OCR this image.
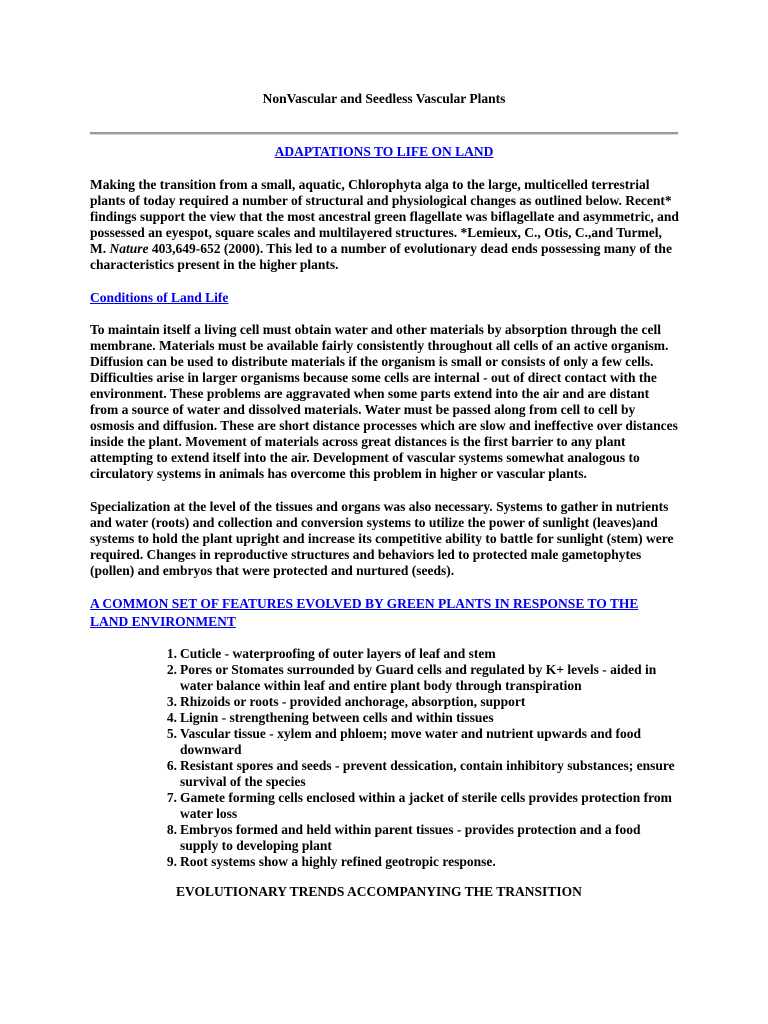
NonVascular and Seedless Vascular Plants
ADAPTATIONS TO LIFE ON LAND

Making the transition from a small, aquatic, Chlorophyta alga to the large, multicelled terrestrial plants of today required a number of structural and physiological changes as outlined below. Recent* findings support the view that the most ancestral green flagellate was biflagellate and asymmetric, and possessed an eyespot, square scales and multilayered structures. *Lemieux, C., Otis, C.,and Turmel, M. Nature 403,649-652 (2000). This led to a number of evolutionary dead ends possessing many of the characteristics present in the higher plants.

Conditions of Land Life

To maintain itself a living cell must obtain water and other materials by absorption through the cell membrane. Materials must be available fairly consistently throughout all cells of an active organism. Diffusion can be used to distribute materials if the organism is small or consists of only a few cells. Difficulties arise in larger organisms because some cells are internal - out of direct contact with the environment. These problems are aggravated when some parts extend into the air and are distant from a source of water and dissolved materials. Water must be passed along from cell to cell by osmosis and diffusion. These are short distance processes which are slow and ineffective over distances inside the plant. Movement of materials across great distances is the first barrier to any plant attempting to extend itself into the air. Development of vascular systems somewhat analogous to circulatory systems in animals has overcome this problem in higher or vascular plants.

Specialization at the level of the tissues and organs was also necessary. Systems to gather in nutrients and water (roots) and collection and conversion systems to utilize the power of sunlight (leaves)and systems to hold the plant upright and increase its competitive ability to battle for sunlight (stem) were required. Changes in reproductive structures and behaviors led to protected male gametophytes (pollen) and embryos that were protected and nurtured (seeds).

A COMMON SET OF FEATURES EVOLVED BY GREEN PLANTS IN RESPONSE TO THE LAND ENVIRONMENT
1. Cuticle - waterproofing of outer layers of leaf and stem
2. Pores or Stomates surrounded by Guard cells and regulated by K+ levels - aided in water balance within leaf and entire plant body through transpiration
3. Rhizoids or roots - provided anchorage, absorption, support
4. Lignin - strengthening between cells and within tissues
5. Vascular tissue - xylem and phloem; move water and nutrient upwards and food downward
6. Resistant spores and seeds - prevent dessication, contain inhibitory substances; ensure survival of the species
7. Gamete forming cells enclosed within a jacket of sterile cells provides protection from water loss
8. Embryos formed and held within parent tissues - provides protection and a food supply to developing plant
9. Root systems show a highly refined geotropic response.
EVOLUTIONARY TRENDS ACCOMPANYING THE TRANSITION
